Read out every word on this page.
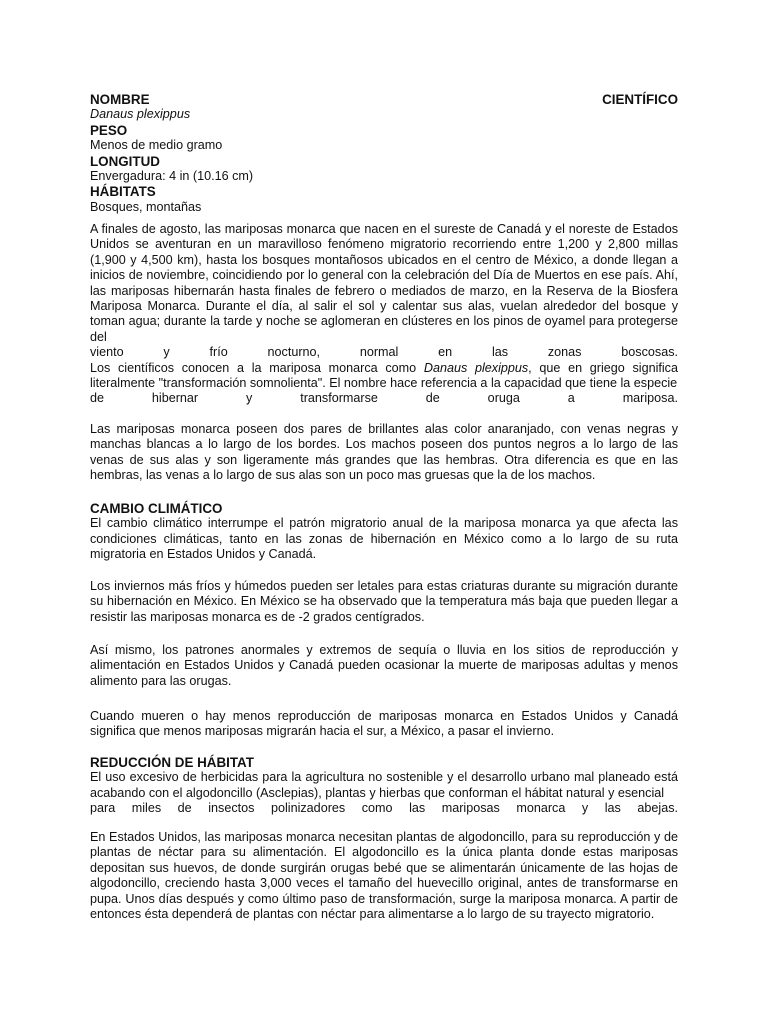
NOMBRE	CIENTÍFICO

Danaus plexippus

PESO

Menos de medio gramo

LONGITUD

Envergadura: 4 in (10.16 cm)

HÁBITATS

Bosques, montañas

A finales de agosto, las mariposas monarca que nacen en el sureste de Canadá y el noreste de Estados Unidos se aventuran en un maravilloso fenómeno migratorio recorriendo entre 1,200 y 2,800 millas (1,900 y 4,500 km), hasta los bosques montañosos ubicados en el centro de México, a donde llegan a inicios de noviembre, coincidiendo por lo general con la celebración del Día de Muertos en ese país. Ahí, las mariposas hibernarán hasta finales de febrero o mediados de marzo, en la Reserva de la Biosfera Mariposa Monarca. Durante el día, al salir el sol y calentar sus alas, vuelan alrededor del bosque y toman agua; durante la tarde y noche se aglomeran en clústeres en los pinos de oyamel para protegerse del

viento y frío nocturno, normal en las zonas boscosas.

Los científicos conocen a la mariposa monarca como Danaus plexippus, que en griego significa literalmente "transformación somnolienta". El nombre hace referencia a la capacidad que tiene la especie

de hibernar y transformarse de oruga a mariposa.

Las mariposas monarca poseen dos pares de brillantes alas color anaranjado, con venas negras y manchas blancas a lo largo de los bordes. Los machos poseen dos puntos negros a lo largo de las venas de sus alas y son ligeramente más grandes que las hembras. Otra diferencia es que en las hembras, las venas a lo largo de sus alas son un poco mas gruesas que la de los machos.

CAMBIO CLIMÁTICO

El cambio climático interrumpe el patrón migratorio anual de la mariposa monarca ya que afecta las condiciones climáticas, tanto en las zonas de hibernación en México como a lo largo de su ruta migratoria en Estados Unidos y Canadá.

Los inviernos más fríos y húmedos pueden ser letales para estas criaturas durante su migración durante su hibernación en México. En México se ha observado que la temperatura más baja que pueden llegar a resistir las mariposas monarca es de -2 grados centígrados.

Así mismo, los patrones anormales y extremos de sequía o lluvia en los sitios de reproducción y alimentación en Estados Unidos y Canadá pueden ocasionar la muerte de mariposas adultas y menos alimento para las orugas.

Cuando mueren o hay menos reproducción de mariposas monarca en Estados Unidos y Canadá significa que menos mariposas migrarán hacia el sur, a México, a pasar el invierno.

REDUCCIÓN DE HÁBITAT

El uso excesivo de herbicidas para la agricultura no sostenible y el desarrollo urbano mal planeado está acabando con el algodoncillo (Asclepias), plantas y hierbas que conforman el hábitat natural y esencial

para miles de insectos polinizadores como las mariposas monarca y las abejas.

En Estados Unidos, las mariposas monarca necesitan plantas de algodoncillo, para su reproducción y de plantas de néctar para su alimentación. El algodoncillo es la única planta donde estas mariposas depositan sus huevos, de donde surgirán orugas bebé que se alimentarán únicamente de las hojas de algodoncillo, creciendo hasta 3,000 veces el tamaño del huevecillo original, antes de transformarse en pupa. Unos días después y como último paso de transformación, surge la mariposa monarca. A partir de entonces ésta dependerá de plantas con néctar para alimentarse a lo largo de su trayecto migratorio.
